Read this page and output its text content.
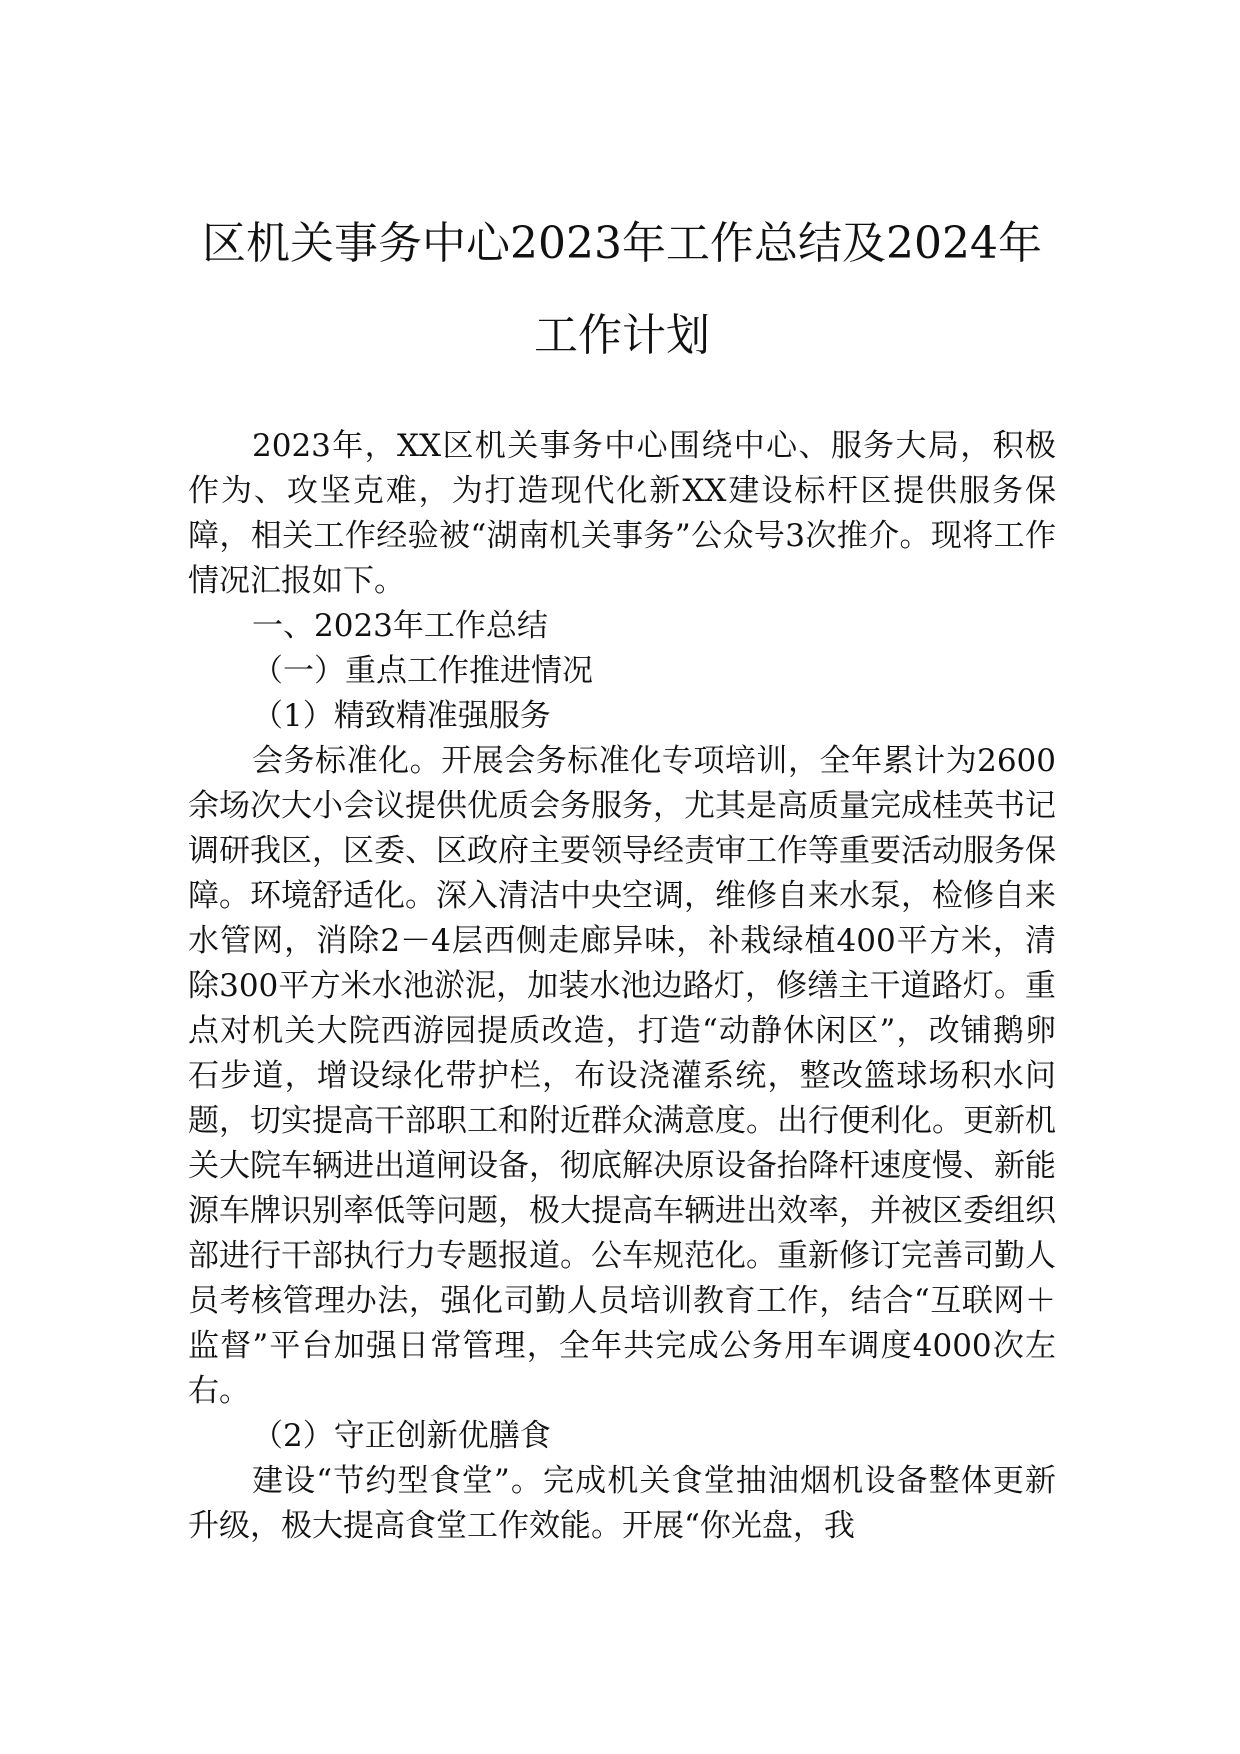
区机关事务中心2023年工作总结及2024年
工作计划

2023年，XX区机关事务中心围绕中心、服务大局，积极作为、攻坚克难，为打造现代化新XX建设标杆区提供服务保障，相关工作经验被“湖南机关事务”公众号3次推介。现将工作情况汇报如下。

一、2023年工作总结

（一）重点工作推进情况

（1）精致精准强服务

会务标准化。开展会务标准化专项培训，全年累计为2600余场次大小会议提供优质会务服务，尤其是高质量完成桂英书记调研我区，区委、区政府主要领导经责审工作等重要活动服务保障。环境舒适化。深入清洁中央空调，维修自来水泵，检修自来水管网，消除2－4层西侧走廊异味，补栽绿植400平方米，清除300平方米水池淤泥，加装水池边路灯，修缮主干道路灯。重点对机关大院西游园提质改造，打造“动静休闲区”，改铺鹅卵石步道，增设绿化带护栏，布设浇灌系统，整改篮球场积水问题，切实提高干部职工和附近群众满意度。出行便利化。更新机关大院车辆进出道闸设备，彻底解决原设备抬降杆速度慢、新能源车牌识别率低等问题，极大提高车辆进出效率，并被区委组织部进行干部执行力专题报道。公车规范化。重新修订完善司勤人员考核管理办法，强化司勤人员培训教育工作，结合“互联网＋监督”平台加强日常管理，全年共完成公务用车调度4000次左右。

（2）守正创新优膳食

建设“节约型食堂”。完成机关食堂抽油烟机设备整体更新升级，极大提高食堂工作效能。开展“你光盘，我
